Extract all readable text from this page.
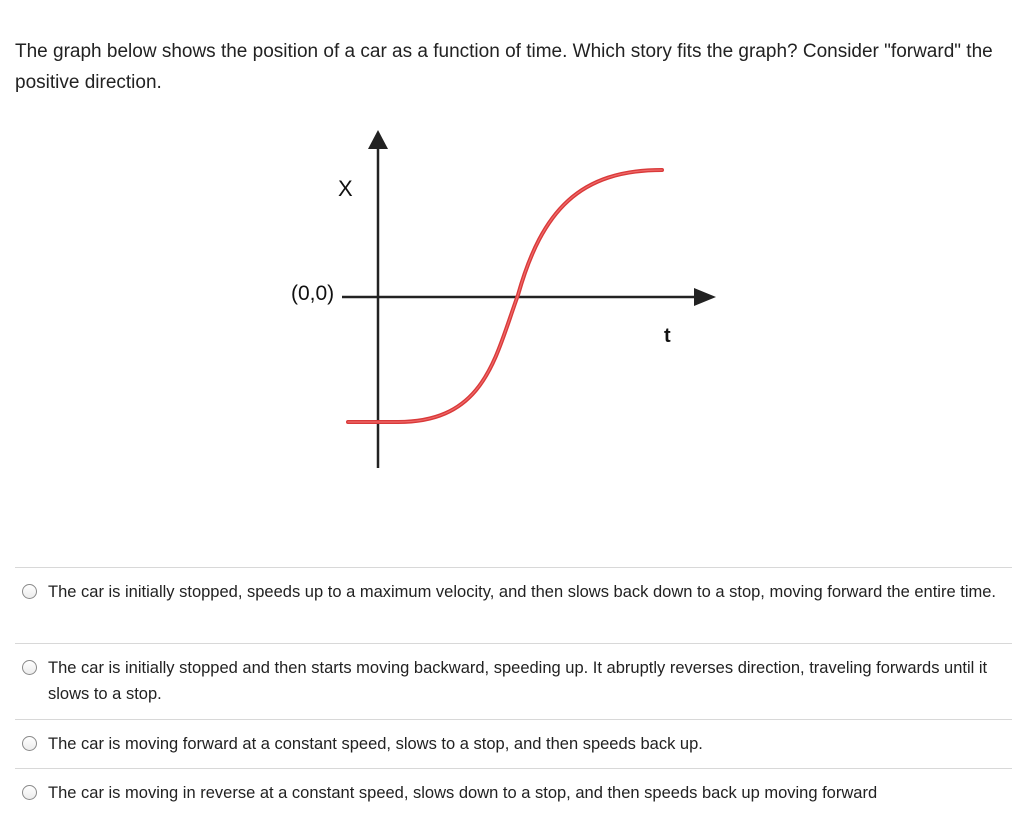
The graph below shows the position of a car as a function of time. Which story fits the graph? Consider "forward" the positive direction.

X
t
(0,0)
The car is initially stopped, speeds up to a maximum velocity, and then slows back down to a stop, moving forward the entire time.
The car is initially stopped and then starts moving backward, speeding up. It abruptly reverses direction, traveling forwards until it slows to a stop.
The car is moving forward at a constant speed, slows to a stop, and then speeds back up.
The car is moving in reverse at a constant speed, slows down to a stop, and then speeds back up moving forward
